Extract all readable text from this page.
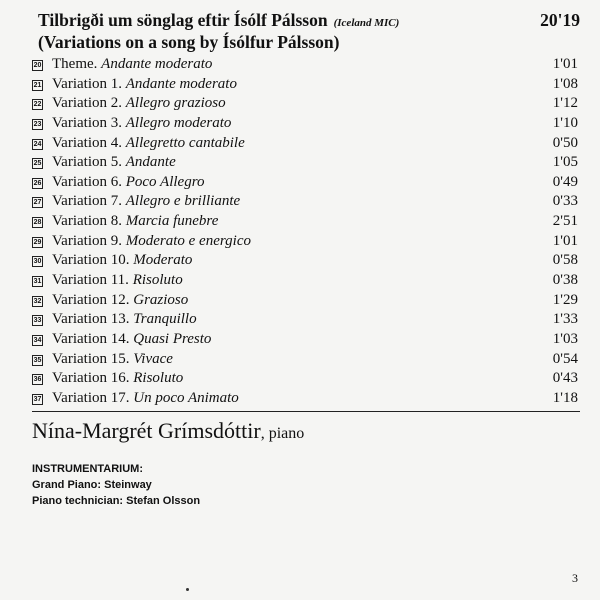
Tilbrigði um sönglag eftir Ísólf Pálsson (Iceland MIC)	20'19
(Variations on a song by Ísólfur Pálsson)
20 Theme. Andante moderato	1'01
21 Variation 1. Andante moderato	1'08
22 Variation 2. Allegro grazioso	1'12
23 Variation 3. Allegro moderato	1'10
24 Variation 4. Allegretto cantabile	0'50
25 Variation 5. Andante	1'05
26 Variation 6. Poco Allegro	0'49
27 Variation 7. Allegro e brilliante	0'33
28 Variation 8. Marcia funebre	2'51
29 Variation 9. Moderato e energico	1'01
30 Variation 10. Moderato	0'58
31 Variation 11. Risoluto	0'38
32 Variation 12. Grazioso	1'29
33 Variation 13. Tranquillo	1'33
34 Variation 14. Quasi Presto	1'03
35 Variation 15. Vivace	0'54
36 Variation 16. Risoluto	0'43
37 Variation 17. Un poco Animato	1'18
Nína-Margrét Grímsdóttir, piano
INSTRUMENTARIUM:
Grand Piano: Steinway
Piano technician: Stefan Olsson
3
